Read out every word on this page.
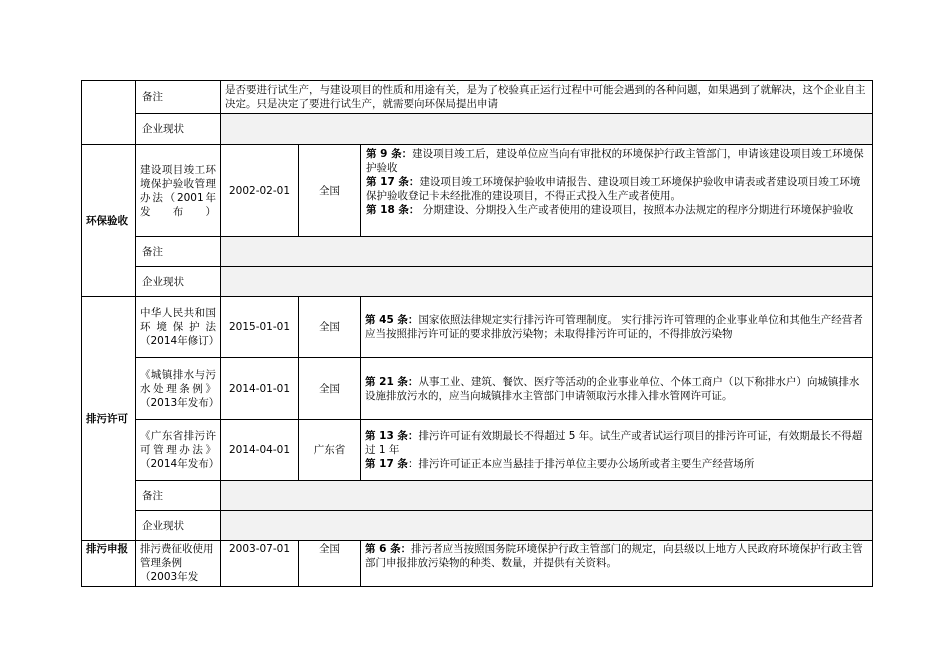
	备注	是否要进行试生产，与建设项目的性质和用途有关，是为了校验真正运行过程中可能会遇到的各种问题，如果遇到了就解决，这个企业自主决定。只是决定了要进行试生产，就需要向环保局提出申请		
	企业现状			
环保验收	建设项目竣工环境保护验收管理办法（2001年发布）	2002-02-01	全国	第 9 条：建设项目竣工后，建设单位应当向有审批权的环境保护行政主管部门，申请该建设项目竣工环境保护验收
第 17 条：建设项目竣工环境保护验收申请报告、建设项目竣工环境保护验收申请表或者建设项目竣工环境保护验收登记卡未经批准的建设项目，不得正式投入生产或者使用。
第 18 条： 分期建设、分期投入生产或者使用的建设项目，按照本办法规定的程序分期进行环境保护验收

	备注			
	企业现状			
排污许可	中华人民共和国环境保护法（2014年修订）	2015-01-01	全国	第 45 条：国家依照法律规定实行排污许可管理制度。 实行排污许可管理的企业事业单位和其他生产经营者应当按照排污许可证的要求排放污染物；未取得排污许可证的，不得排放污染物

	《城镇排水与污水处理条例》（2013年发布）	2014-01-01	全国	第 21 条：从事工业、建筑、餐饮、医疗等活动的企业事业单位、个体工商户（以下称排水户）向城镇排水设施排放污水的，应当向城镇排水主管部门申请领取污水排入排水管网许可证。

	《广东省排污许可管理办法》（2014年发布）	2014-04-01	广东省	第 13 条：排污许可证有效期最长不得超过 5 年。试生产或者试运行项目的排污许可证，有效期最长不得超过 1 年
第 17 条：排污许可证正本应当悬挂于排污单位主要办公场所或者主要生产经营场所

	备注			
	企业现状			
排污申报	排污费征收使用管理条例（2003年发	2003-07-01	全国	第 6 条：排污者应当按照国务院环境保护行政主管部门的规定，向县级以上地方人民政府环境保护行政主管部门申报排放污染物的种类、数量，并提供有关资料。
